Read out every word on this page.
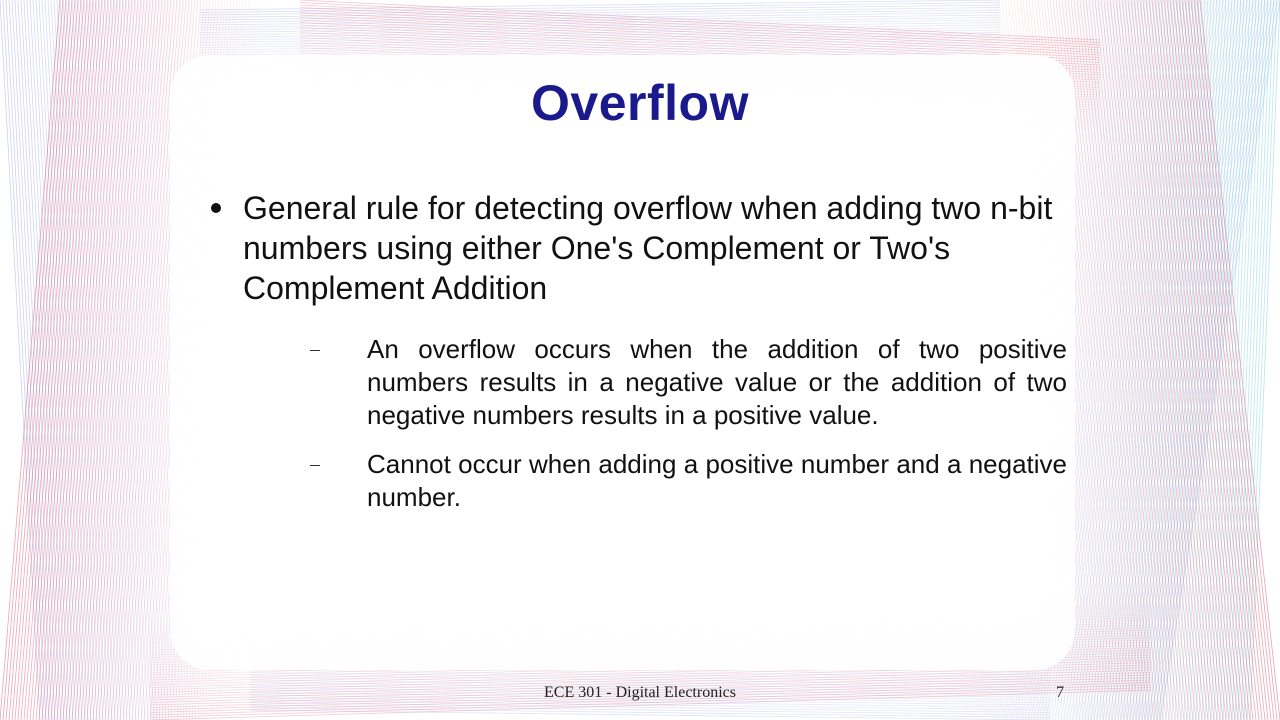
Overflow
General rule for detecting overflow when adding two n-bit numbers using either One's Complement or Two's Complement Addition
An overflow occurs when the addition of two positive numbers results in a negative value or the addition of two negative numbers results in a positive value.
Cannot occur when adding a positive number and a negative number.
ECE 301 - Digital Electronics	7
